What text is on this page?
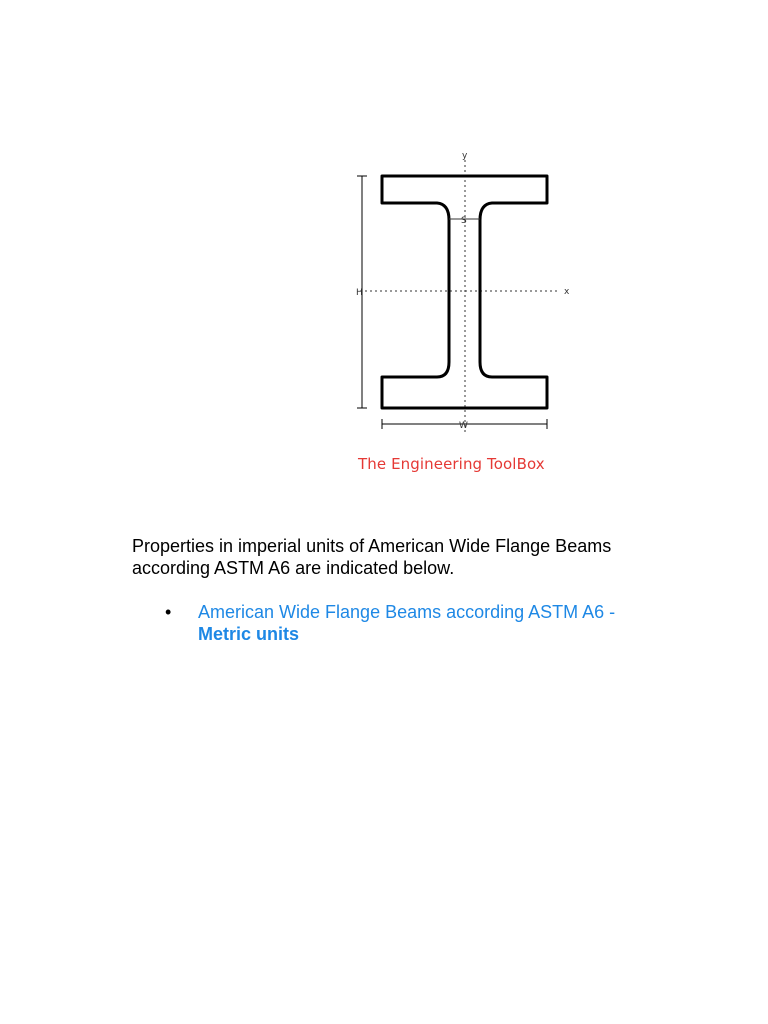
y
x
W
H
S
The Engineering ToolBox

Properties in imperial units of American Wide Flange Beams according ASTM A6 are indicated below.

• American Wide Flange Beams according ASTM A6 - Metric units
